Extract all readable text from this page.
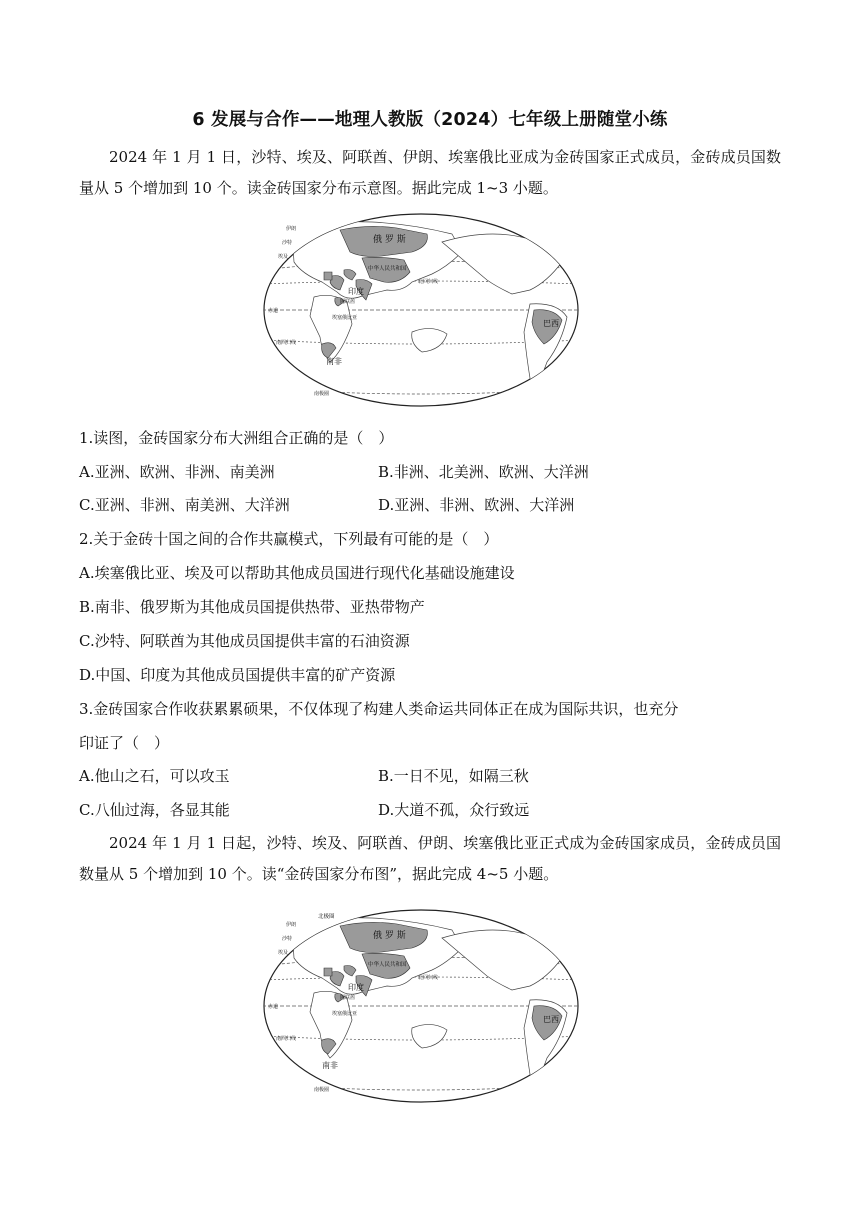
6 发展与合作——地理人教版（2024）七年级上册随堂小练
2024 年 1 月 1 日，沙特、埃及、阿联酋、伊朗、埃塞俄比亚成为金砖国家正式成员，金砖成员国数量从 5 个增加到 10 个。读金砖国家分布示意图。据此完成 1~3 小题。
俄 罗 斯
中华人民共和国
印度
巴西
南非
伊朗
沙特
埃及
阿联酋
埃塞俄比亚
赤道
北回归线
南回归线
南极圈
1.读图，金砖国家分布大洲组合正确的是（　）
A.亚洲、欧洲、非洲、南美洲	B.非洲、北美洲、欧洲、大洋洲
C.亚洲、非洲、南美洲、大洋洲	D.亚洲、非洲、欧洲、大洋洲
2.关于金砖十国之间的合作共赢模式，下列最有可能的是（　）
A.埃塞俄比亚、埃及可以帮助其他成员国进行现代化基础设施建设
B.南非、俄罗斯为其他成员国提供热带、亚热带物产
C.沙特、阿联酋为其他成员国提供丰富的石油资源
D.中国、印度为其他成员国提供丰富的矿产资源
3.金砖国家合作收获累累硕果，不仅体现了构建人类命运共同体正在成为国际共识，也充分
印证了（　）
A.他山之石，可以攻玉	B.一日不见，如隔三秋
C.八仙过海，各显其能	D.大道不孤，众行致远
2024 年 1 月 1 日起，沙特、埃及、阿联酋、伊朗、埃塞俄比亚正式成为金砖国家成员，金砖成员国数量从 5 个增加到 10 个。读“金砖国家分布图”，据此完成 4~5 小题。
俄 罗 斯
北极圈
中华人民共和国
印度
巴西
南非
伊朗
沙特
埃及
阿联酋
埃塞俄比亚
赤道
北回归线
南回归线
南极圈
